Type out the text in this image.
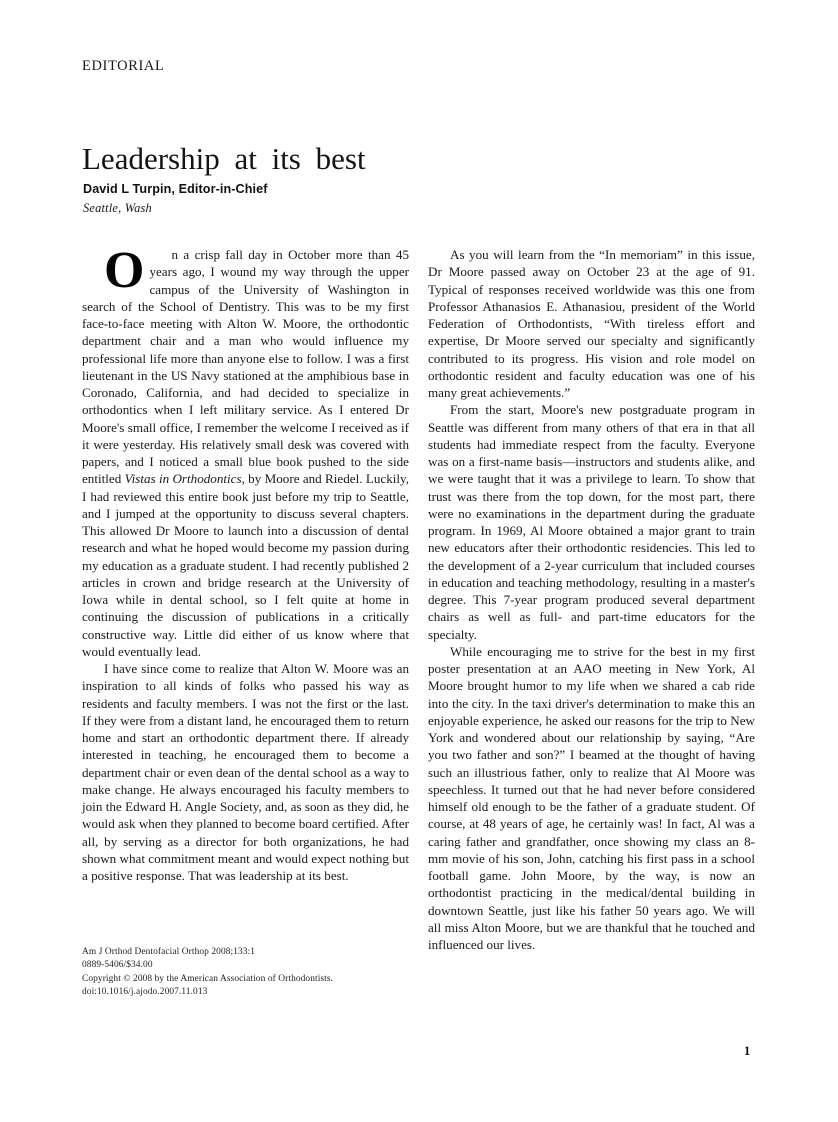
EDITORIAL
Leadership at its best
David L Turpin, Editor-in-Chief
Seattle, Wash

O	n a crisp fall day in October more than 45 years ago, I wound my way through the upper campus of the University of Washington in search of the School of Dentistry. This was to be my first face-to-face meeting with Alton W. Moore, the orthodontic department chair and a man who would influence my professional life more than anyone else to follow. I was a first lieutenant in the US Navy stationed at the amphibious base in Coronado, California, and had decided to specialize in orthodontics when I left military service. As I entered Dr Moore's small office, I remember the welcome I received as if it were yesterday. His relatively small desk was covered with papers, and I noticed a small blue book pushed to the side entitled Vistas in Orthodontics, by Moore and Riedel. Luckily, I had reviewed this entire book just before my trip to Seattle, and I jumped at the opportunity to discuss several chapters. This allowed Dr Moore to launch into a discussion of dental research and what he hoped would become my passion during my education as a graduate student. I had recently published 2 articles in crown and bridge research at the University of Iowa while in dental school, so I felt quite at home in continuing the discussion of publications in a critically constructive way. Little did either of us know where that would eventually lead.

I have since come to realize that Alton W. Moore was an inspiration to all kinds of folks who passed his way as residents and faculty members. I was not the first or the last. If they were from a distant land, he encouraged them to return home and start an orthodontic department there. If already interested in teaching, he encouraged them to become a department chair or even dean of the dental school as a way to make change. He always encouraged his faculty members to join the Edward H. Angle Society, and, as soon as they did, he would ask when they planned to become board certified. After all, by serving as a director for both organizations, he had shown what commitment meant and would expect nothing but a positive response. That was leadership at its best.

As you will learn from the “In memoriam” in this issue, Dr Moore passed away on October 23 at the age of 91. Typical of responses received worldwide was this one from Professor Athanasios E. Athanasiou, president of the World Federation of Orthodontists, “With tireless effort and expertise, Dr Moore served our specialty and significantly contributed to its progress. His vision and role model on orthodontic resident and faculty education was one of his many great achievements.”

From the start, Moore's new postgraduate program in Seattle was different from many others of that era in that all students had immediate respect from the faculty. Everyone was on a first-name basis—instructors and students alike, and we were taught that it was a privilege to learn. To show that trust was there from the top down, for the most part, there were no examinations in the department during the graduate program. In 1969, Al Moore obtained a major grant to train new educators after their orthodontic residencies. This led to the development of a 2-year curriculum that included courses in education and teaching methodology, resulting in a master's degree. This 7-year program produced several department chairs as well as full- and part-time educators for the specialty.

While encouraging me to strive for the best in my first poster presentation at an AAO meeting in New York, Al Moore brought humor to my life when we shared a cab ride into the city. In the taxi driver's determination to make this an enjoyable experience, he asked our reasons for the trip to New York and wondered about our relationship by saying, “Are you two father and son?” I beamed at the thought of having such an illustrious father, only to realize that Al Moore was speechless. It turned out that he had never before considered himself old enough to be the father of a graduate student. Of course, at 48 years of age, he certainly was! In fact, Al was a caring father and grandfather, once showing my class an 8-mm movie of his son, John, catching his first pass in a school football game. John Moore, by the way, is now an orthodontist practicing in the medical/dental building in downtown Seattle, just like his father 50 years ago. We will all miss Alton Moore, but we are thankful that he touched and influenced our lives.

Am J Orthod Dentofacial Orthop 2008;133:1
0889-5406/$34.00
Copyright © 2008 by the American Association of Orthodontists.
doi:10.1016/j.ajodo.2007.11.013
1
